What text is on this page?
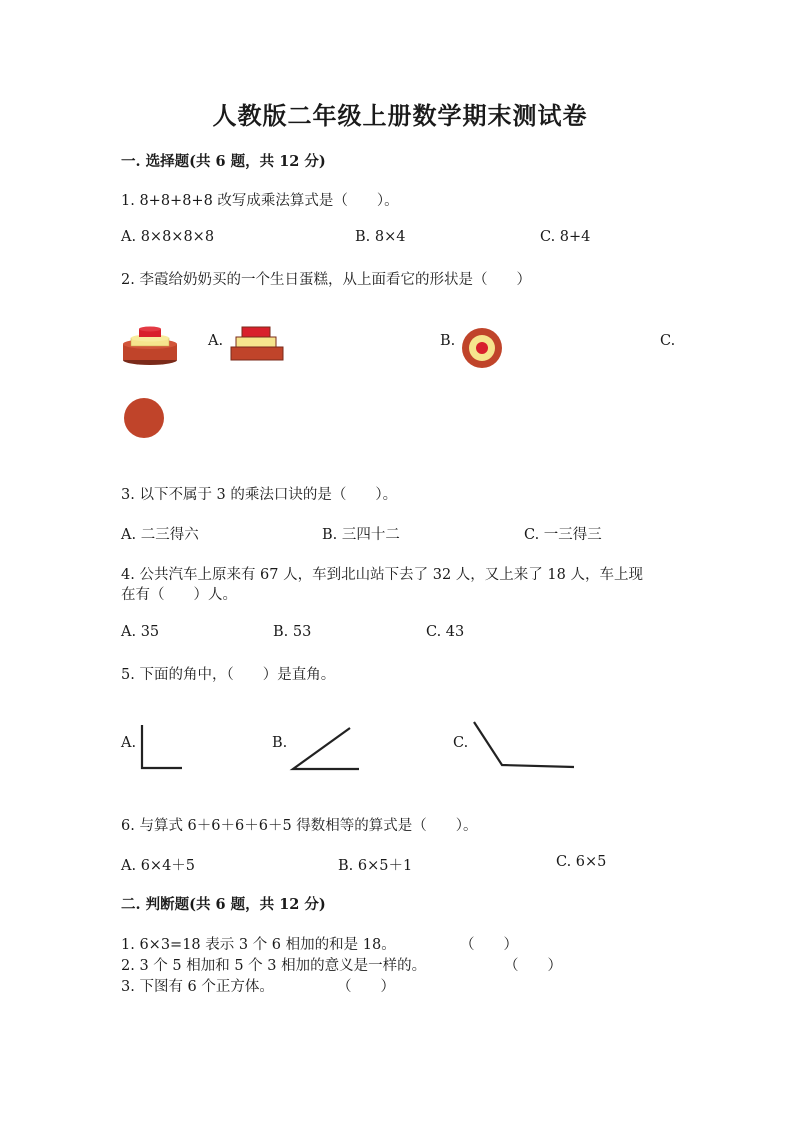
人教版二年级上册数学期末测试卷
一. 选择题(共 6 题，共 12 分)
1. 8+8+8+8 改写成乘法算式是（　　）。
A. 8×8×8×8	B. 8×4	C. 8+4
2. 李霞给奶奶买的一个生日蛋糕，从上面看它的形状是（　　）
A.	B.	C.
3. 以下不属于 3 的乘法口诀的是（　　）。
A. 二三得六	B. 三四十二	C. 一三得三
4. 公共汽车上原来有 67 人，车到北山站下去了 32 人，又上来了 18 人，车上现
在有（　　）人。
A. 35	B. 53	C. 43
5. 下面的角中，（　　）是直角。
A.	B.	C.
6. 与算式 6＋6＋6＋6＋5 得数相等的算式是（　　）。
A. 6×4＋5	B. 6×5＋1	C. 6×5
二. 判断题(共 6 题，共 12 分)
1. 6×3=18 表示 3 个 6 相加的和是 18。	（　　）
2. 3 个 5 相加和 5 个 3 相加的意义是一样的。	（　　）
3. 下图有 6 个正方体。	（　　）
